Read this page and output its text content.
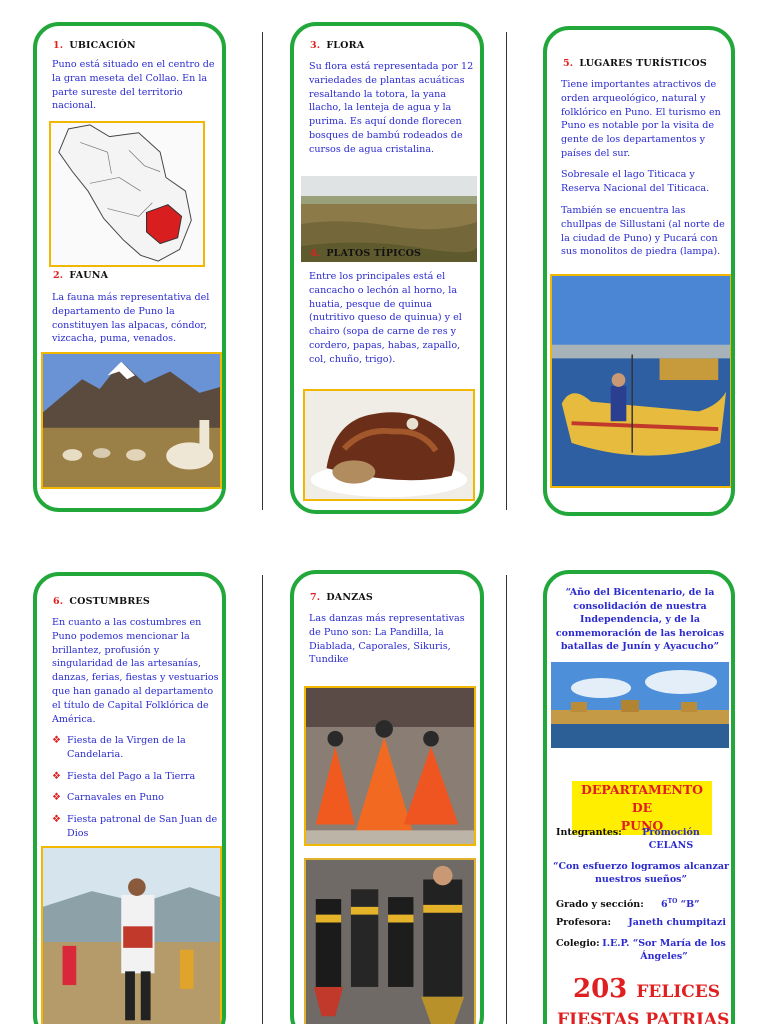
1. UBICACIÓN
Puno está situado en el centro de
la gran meseta del Collao. En la
parte sureste del territorio
nacional.
2. FAUNA
La fauna más representativa del
departamento de Puno la
constituyen las alpacas, cóndor,
vizcacha, puma, venados.
3. FLORA
Su flora está representada por 12
variedades de plantas acuáticas
resaltando la totora, la yana
llacho, la lenteja de agua y la
purima. Es aquí donde florecen
bosques de bambú rodeados de
cursos de agua cristalina.
4. PLATOS TÍPICOS
Entre los principales está el
cancacho o lechón al horno, la
huatia, pesque de quinua
(nutritivo queso de quinua) y el
chairo (sopa de carne de res y
cordero, papas, habas, zapallo,
col, chuño, trigo).
5. LUGARES TURÍSTICOS
Tiene importantes atractivos de
orden arqueológico, natural y
folklórico en Puno. El turismo en
Puno es notable por la visita de
gente de los departamentos y
países del sur.
Sobresale el lago Titicaca y
Reserva Nacional del Titicaca.
También se encuentra las
chullpas de Sillustani (al norte de
la ciudad de Puno) y Pucará con
sus monolitos de piedra (lampa).
6. COSTUMBRES
En cuanto a las costumbres en
Puno podemos mencionar la
brillantez, profusión y
singularidad de las artesanías,
danzas, ferias, fiestas y vestuarios
que han ganado al departamento
el título de Capital Folklórica de
América.
❖ Fiesta de la Virgen de la
Candelaria.
❖ Fiesta del Pago a la Tierra
❖ Carnavales en Puno
❖ Fiesta patronal de San Juan de
Dios
7. DANZAS
Las danzas más representativas
de Puno son: La Pandilla, la
Diablada, Caporales, Sikuris,
Tundike
“Año del Bicentenario, de la
consolidación de nuestra
Independencia, y de la
conmemoración de las heroicas
batallas de Junín y Ayacucho”
DEPARTAMENTO DE
PUNO
Integrantes:	Promoción
CELANS
“Con esfuerzo logramos alcanzar
nuestros sueños”
Grado y sección: $6^{TO}$ “B”
Profesora: Janeth chumpitazi
Colegio: I.E.P. “Sor María de los
Ángeles”
203 FELICES
FIESTAS PATRIAS
